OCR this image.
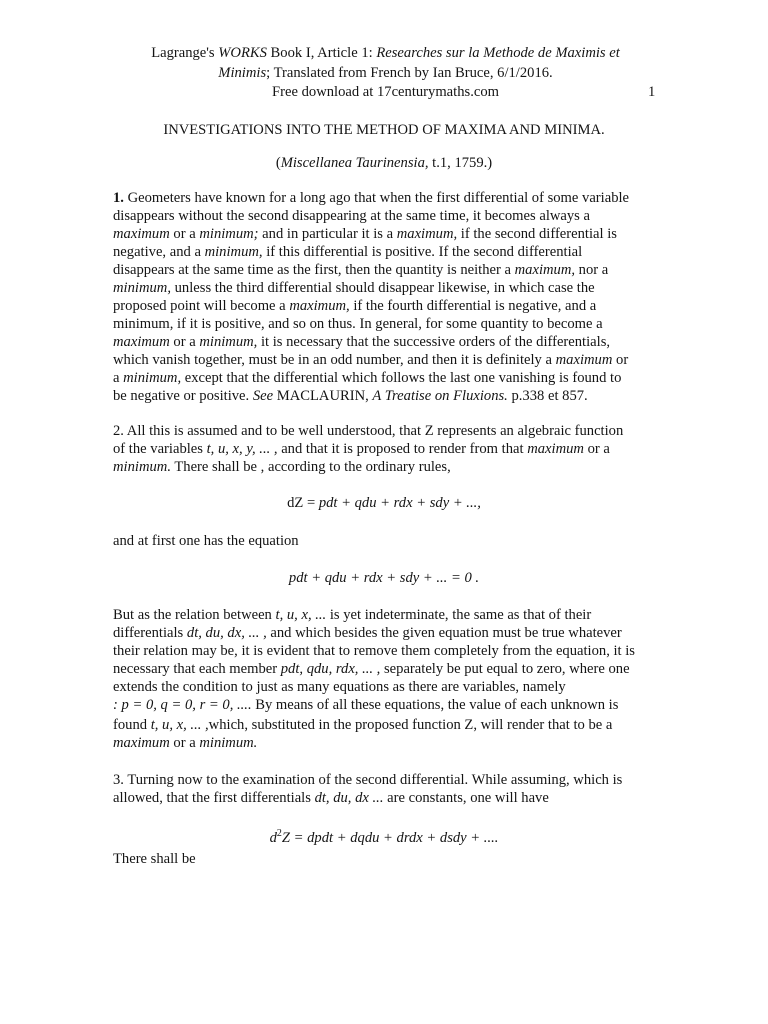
Lagrange's WORKS Book I, Article 1: Researches sur la Methode de Maximis et
Minimis; Translated from French by Ian Bruce, 6/1/2016.
Free download at 17centurymaths.com	1
INVESTIGATIONS INTO THE METHOD OF MAXIMA AND MINIMA.
(Miscellanea Taurinensia, t.1, 1759.)
1. Geometers have known for a long ago that when the first differential of some variable
disappears without the second disappearing at the same time, it becomes always a
maximum or a minimum; and in particular it is a maximum, if the second differential is
negative, and a minimum, if this differential is positive. If the second differential
disappears at the same time as the first, then the quantity is neither a maximum, nor a
minimum, unless the third differential should disappear likewise, in which case the
proposed point will become a maximum, if the fourth differential is negative, and a
minimum, if it is positive, and so on thus. In general, for some quantity to become a
maximum or a minimum, it is necessary that the successive orders of the differentials,
which vanish together, must be in an odd number, and then it is definitely a maximum or
a minimum, except that the differential which follows the last one vanishing is found to
be negative or positive. See MACLAURIN, A Treatise on Fluxions. p.338 et 857.
2. All this is assumed and to be well understood, that Z represents an algebraic function
of the variables t, u, x, y, ... , and that it is proposed to render from that maximum or a
minimum. There shall be , according to the ordinary rules,
dZ = pdt + qdu + rdx + sdy + ...,
and at first one has the equation
pdt + qdu + rdx + sdy + ... = 0 .
But as the relation between t, u, x, ... is yet indeterminate, the same as that of their
differentials dt, du, dx, ... , and which besides the given equation must be true whatever
their relation may be, it is evident that to remove them completely from the equation, it is
necessary that each member pdt, qdu, rdx, ... , separately be put equal to zero, where one
extends the condition to just as many equations as there are variables, namely
: p = 0, q = 0, r = 0, .... By means of all these equations, the value of each unknown is
found t, u, x, ... ,which, substituted in the proposed function Z, will render that to be a
maximum or a minimum.
3. Turning now to the examination of the second differential. While assuming, which is
allowed, that the first differentials dt, du, dx ... are constants, one will have
$d^2Z$ = dpdt + dqdu + drdx + dsdy + ....
There shall be
